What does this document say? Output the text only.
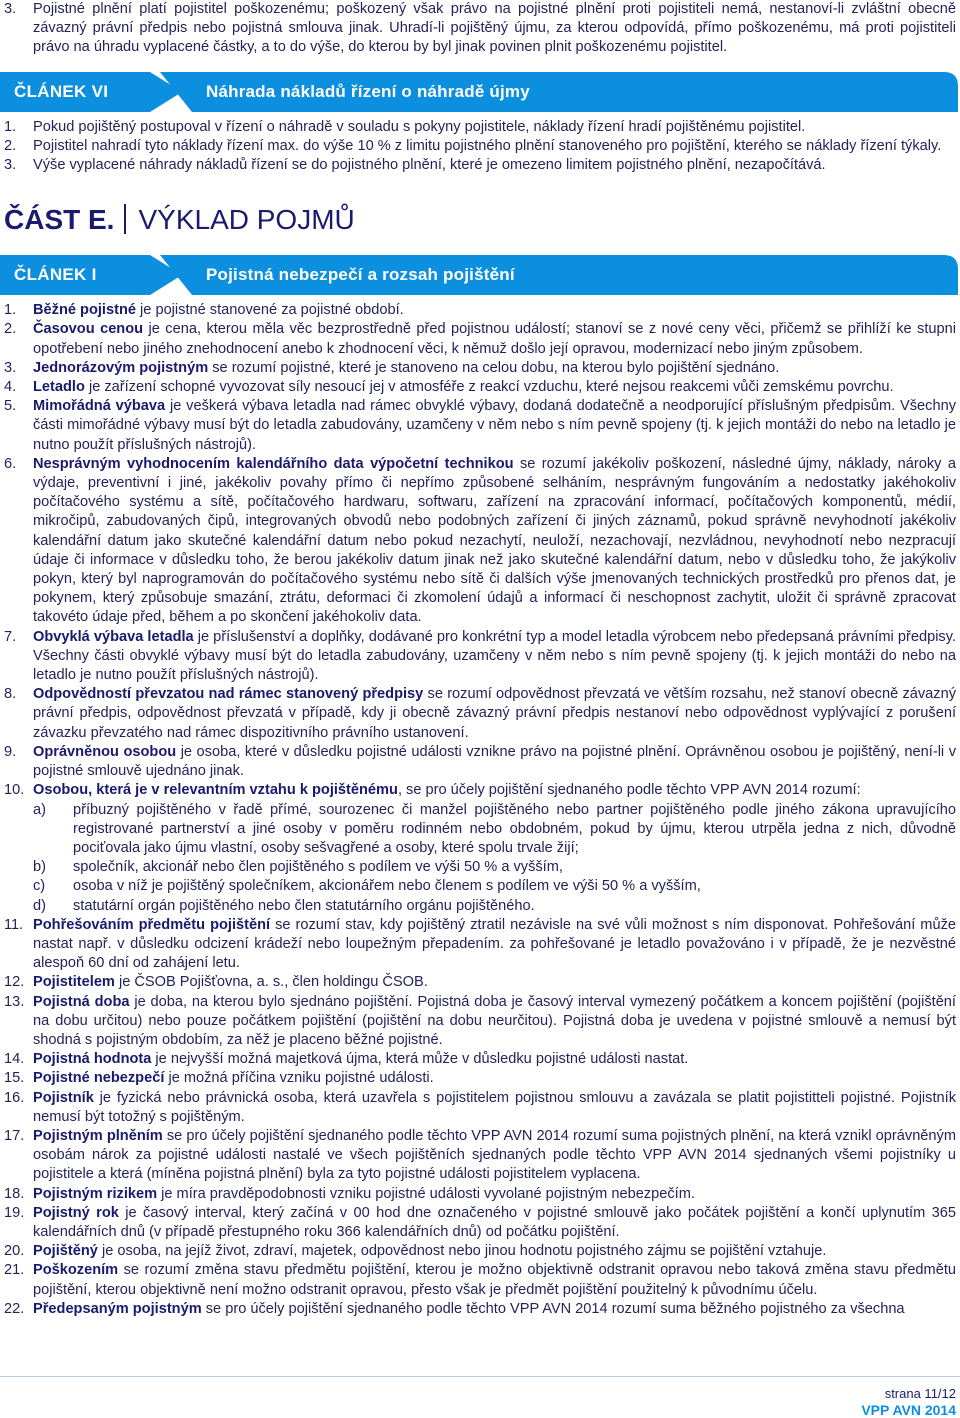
3. Pojistné plnění platí pojistitel poškozenému; poškozený však právo na pojistné plnění proti pojistiteli nemá, nestanoví-li zvláštní obecně závazný právní předpis nebo pojistná smlouva jinak. Uhradí-li pojištěný újmu, za kterou odpovídá, přímo poškozenému, má proti pojistiteli právo na úhradu vyplacené částky, a to do výše, do kterou by byl jinak povinen plnit poškozenému pojistitel.
ČLÁNEK VI	Náhrada nákladů řízení o náhradě újmy
1. Pokud pojištěný postupoval v řízení o náhradě v souladu s pokyny pojistitele, náklady řízení hradí pojištěnému pojistitel.
2. Pojistitel nahradí tyto náklady řízení max. do výše 10 % z limitu pojistného plnění stanoveného pro pojištění, kterého se náklady řízení týkaly.
3. Výše vyplacené náhrady nákladů řízení se do pojistného plnění, které je omezeno limitem pojistného plnění, nezapočítává.
ČÁST E. VÝKLAD POJMŮ
ČLÁNEK I	Pojistná nebezpečí a rozsah pojištění
1. Běžné pojistné je pojistné stanovené za pojistné období.
2. Časovou cenou je cena, kterou měla věc bezprostředně před pojistnou událostí; stanoví se z nové ceny věci, přičemž se přihlíží ke stupni opotřebení nebo jiného znehodnocení anebo k zhodnocení věci, k němuž došlo její opravou, modernizací nebo jiným způsobem.
3. Jednorázovým pojistným se rozumí pojistné, které je stanoveno na celou dobu, na kterou bylo pojištění sjednáno.
4. Letadlo je zařízení schopné vyvozovat síly nesoucí jej v atmosféře z reakcí vzduchu, které nejsou reakcemi vůči zemskému povrchu.
5. Mimořádná výbava je veškerá výbava letadla nad rámec obvyklé výbavy, dodaná dodatečně a neodporující příslušným předpisům. Všechny části mimořádné výbavy musí být do letadla zabudovány, uzamčeny v něm nebo s ním pevně spojeny (tj. k jejich montáži do nebo na letadlo je nutno použít příslušných nástrojů).
6. Nesprávným vyhodnocením kalendářního data výpočetní technikou se rozumí jakékoliv poškození, následné újmy, náklady, nároky a výdaje, preventivní i jiné, jakékoliv povahy přímo či nepřímo způsobené selháním, nesprávným fungováním a nedostatky jakéhokoliv počítačového systému a sítě, počítačového hardwaru, softwaru, zařízení na zpracování informací, počítačových komponentů, médií, mikročipů, zabudovaných čipů, integrovaných obvodů nebo podobných zařízení či jiných záznamů, pokud správně nevyhodnotí jakékoliv kalendářní datum jako skutečné kalendářní datum nebo pokud nezachytí, neuloží, nezachovají, nezvládnou, nevyhodnotí nebo nezpracují údaje či informace v důsledku toho, že berou jakékoliv datum jinak než jako skutečné kalendářní datum, nebo v důsledku toho, že jakýkoliv pokyn, který byl naprogramován do počítačového systému nebo sítě či dalších výše jmenovaných technických prostředků pro přenos dat, je pokynem, který způsobuje smazání, ztrátu, deformaci či zkomolení údajů a informací či neschopnost zachytit, uložit či správně zpracovat takovéto údaje před, během a po skončení jakéhokoliv data.
7. Obvyklá výbava letadla je příslušenství a doplňky, dodávané pro konkrétní typ a model letadla výrobcem nebo předepsaná právními předpisy. Všechny části obvyklé výbavy musí být do letadla zabudovány, uzamčeny v něm nebo s ním pevně spojeny (tj. k jejich montáži do nebo na letadlo je nutno použít příslušných nástrojů).
8. Odpovědností převzatou nad rámec stanovený předpisy se rozumí odpovědnost převzatá ve větším rozsahu, než stanoví obecně závazný právní předpis, odpovědnost převzatá v případě, kdy ji obecně závazný právní předpis nestanoví nebo odpovědnost vyplývající z porušení závazku převzatého nad rámec dispozitivního právního ustanovení.
9. Oprávněnou osobou je osoba, které v důsledku pojistné události vznikne právo na pojistné plnění. Oprávněnou osobou je pojištěný, není-li v pojistné smlouvě ujednáno jinak.
10. Osobou, která je v relevantním vztahu k pojištěnému, se pro účely pojištění sjednaného podle těchto VPP AVN 2014 rozumí:
a) příbuzný pojištěného v řadě přímé, sourozenec či manžel pojištěného nebo partner pojištěného podle jiného zákona upravujícího registrované partnerství a jiné osoby v poměru rodinném nebo obdobném, pokud by újmu, kterou utrpěla jedna z nich, důvodně pociťovala jako újmu vlastní, osoby sešvagřené a osoby, které spolu trvale žijí;
b) společník, akcionář nebo člen pojištěného s podílem ve výši 50 % a vyšším,
c) osoba v níž je pojištěný společníkem, akcionářem nebo členem s podílem ve výši 50 % a vyšším,
d) statutární orgán pojištěného nebo člen statutárního orgánu pojištěného.
11. Pohřešováním předmětu pojištění se rozumí stav, kdy pojištěný ztratil nezávisle na své vůli možnost s ním disponovat. Pohřešování může nastat např. v důsledku odcizení krádeží nebo loupežným přepadením. za pohřešované je letadlo považováno i v případě, že je nezvěstné alespoň 60 dní od zahájení letu.
12. Pojistitelem je ČSOB Pojišťovna, a. s., člen holdingu ČSOB.
13. Pojistná doba je doba, na kterou bylo sjednáno pojištění. Pojistná doba je časový interval vymezený počátkem a koncem pojištění (pojištění na dobu určitou) nebo pouze počátkem pojištění (pojištění na dobu neurčitou). Pojistná doba je uvedena v pojistné smlouvě a nemusí být shodná s pojistným obdobím, za něž je placeno běžné pojistné.
14. Pojistná hodnota je nejvyšší možná majetková újma, která může v důsledku pojistné události nastat.
15. Pojistné nebezpečí je možná příčina vzniku pojistné události.
16. Pojistník je fyzická nebo právnická osoba, která uzavřela s pojistitelem pojistnou smlouvu a zavázala se platit pojistitteli pojistné. Pojistník nemusí být totožný s pojištěným.
17. Pojistným plněním se pro účely pojištění sjednaného podle těchto VPP AVN 2014 rozumí suma pojistných plnění, na která vznikl oprávněným osobám nárok za pojistné události nastalé ve všech pojištěních sjednaných podle těchto VPP AVN 2014 sjednaných všemi pojistníky u pojistitele a která (míněna pojistná plnění) byla za tyto pojistné události pojistitelem vyplacena.
18. Pojistným rizikem je míra pravděpodobnosti vzniku pojistné události vyvolané pojistným nebezpečím.
19. Pojistný rok je časový interval, který začíná v 00 hod dne označeného v pojistné smlouvě jako počátek pojištění a končí uplynutím 365 kalendářních dnů (v případě přestupného roku 366 kalendářních dnů) od počátku pojištění.
20. Pojištěný je osoba, na jejíž život, zdraví, majetek, odpovědnost nebo jinou hodnotu pojistného zájmu se pojištění vztahuje.
21. Poškozením se rozumí změna stavu předmětu pojištění, kterou je možno objektivně odstranit opravou nebo taková změna stavu předmětu pojištění, kterou objektivně není možno odstranit opravou, přesto však je předmět pojištění použitelný k původnímu účelu.
22. Předepsaným pojistným se pro účely pojištění sjednaného podle těchto VPP AVN 2014 rozumí suma běžného pojistného za všechna
strana 11/12
VPP AVN 2014
